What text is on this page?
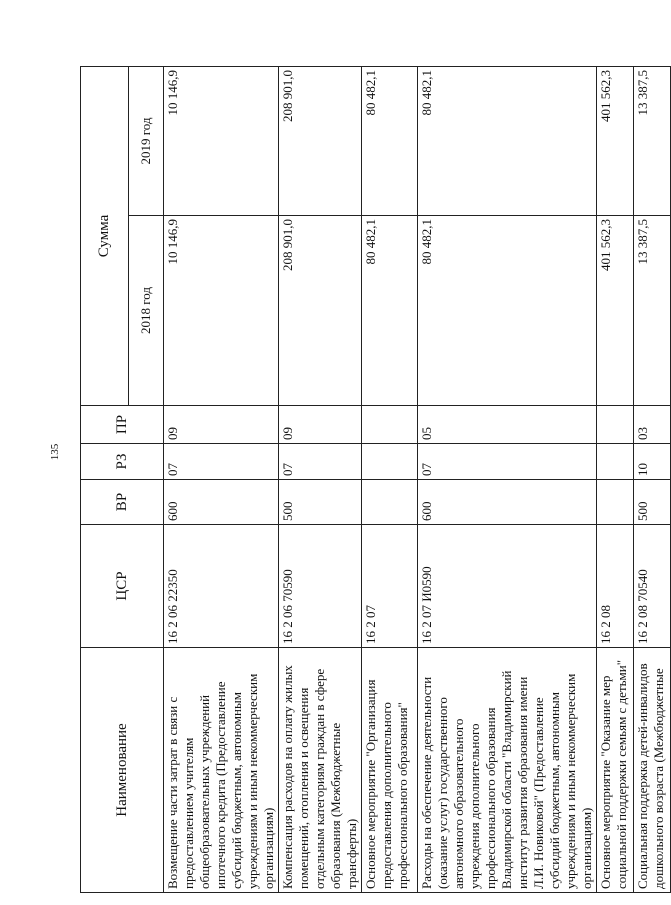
135
Наименование	ЦСР	ВР	РЗ	ПР	Сумма	
					2018 год	2019 год
Возмещение части затрат в связи с предоставлением учителям общеобразовательных учреждений ипотечного кредита (Предоставление субсидий бюджетным, автономным учреждениям и иным некоммерческим организациям)	16 2 06 22350	600	07	09	10 146,9	10 146,9
Компенсация расходов на оплату жилых помещений, отопления и освещения отдельным категориям граждан в сфере образования (Межбюджетные трансферты)	16 2 06 70590	500	07	09	208 901,0	208 901,0
Основное мероприятие "Организация предоставления дополнительного профессионального образования"	16 2 07				80 482,1	80 482,1
Расходы на обеспечение деятельности (оказание услуг) государственного автономного образовательного учреждения дополнительного профессионального образования Владимирской области "Владимирский институт развития образования имени Л.И. Новиковой" (Предоставление субсидий бюджетным, автономным учреждениям и иным некоммерческим организациям)	16 2 07 И0590	600	07	05	80 482,1	80 482,1
Основное мероприятие "Оказание мер социальной поддержки семьям с детьми"	16 2 08				401 562,3	401 562,3
Социальная поддержка детей-инвалидов дошкольного возраста (Межбюджетные	16 2 08 70540	500	10	03	13 387,5	13 387,5
